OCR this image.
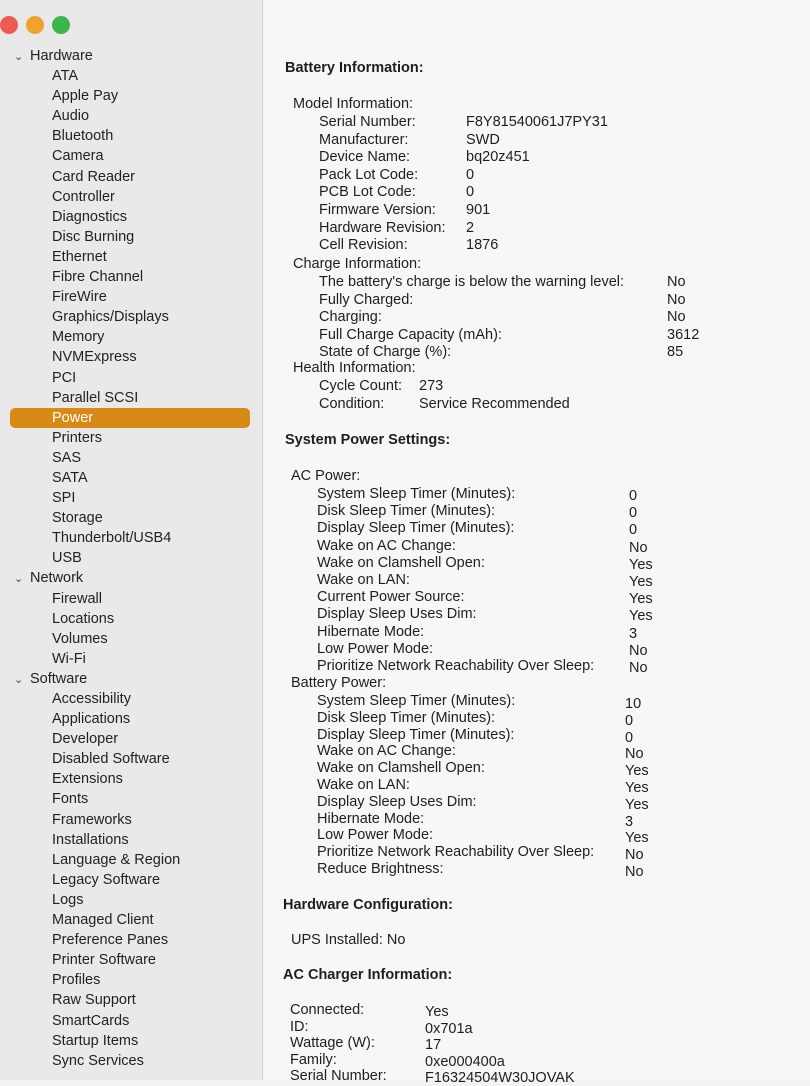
⌄ Hardware
ATA
Apple Pay
Audio
Bluetooth
Camera
Card Reader
Controller
Diagnostics
Disc Burning
Ethernet
Fibre Channel
FireWire
Graphics/Displays
Memory
NVMExpress
PCI
Parallel SCSI
Power
Printers
SAS
SATA
SPI
Storage
Thunderbolt/USB4
USB
⌄ Network
Firewall
Locations
Volumes
Wi-Fi
⌄ Software
Accessibility
Applications
Developer
Disabled Software
Extensions
Fonts
Frameworks
Installations
Language & Region
Legacy Software
Logs
Managed Client
Preference Panes
Printer Software
Profiles
Raw Support
SmartCards
Startup Items
Sync Services
Battery Information:
Model Information:
Serial Number:	F8Y81540061J7PY31
Manufacturer:	SWD
Device Name:	bq20z451
Pack Lot Code:	0
PCB Lot Code:	0
Firmware Version: 901
Hardware Revision: 2
Cell Revision:	1876
Charge Information:
The battery's charge is below the warning level:	No
Fully Charged:	No
Charging:	No
Full Charge Capacity (mAh):	3612
State of Charge (%):	85
Health Information:
Cycle Count: 273
Condition: Service Recommended
System Power Settings:
AC Power:
System Sleep Timer (Minutes):	0
Disk Sleep Timer (Minutes):	0
Display Sleep Timer (Minutes):	0
Wake on AC Change:	No
Wake on Clamshell Open:	Yes
Wake on LAN:	Yes
Current Power Source:	Yes
Display Sleep Uses Dim:	Yes
Hibernate Mode:	3
Low Power Mode:	No
Prioritize Network Reachability Over Sleep: No
Battery Power:
System Sleep Timer (Minutes):	10
Disk Sleep Timer (Minutes):	0
Display Sleep Timer (Minutes):	0
Wake on AC Change:	No
Wake on Clamshell Open:	Yes
Wake on LAN:	Yes
Display Sleep Uses Dim:	Yes
Hibernate Mode:	3
Low Power Mode:	Yes
Prioritize Network Reachability Over Sleep: No
Reduce Brightness:	No
Hardware Configuration:
UPS Installed: No
AC Charger Information:
Connected:	Yes
ID:	0x701a
Wattage (W):	17
Family:	0xe000400a
Serial Number:	F16324504W30JOVAK
